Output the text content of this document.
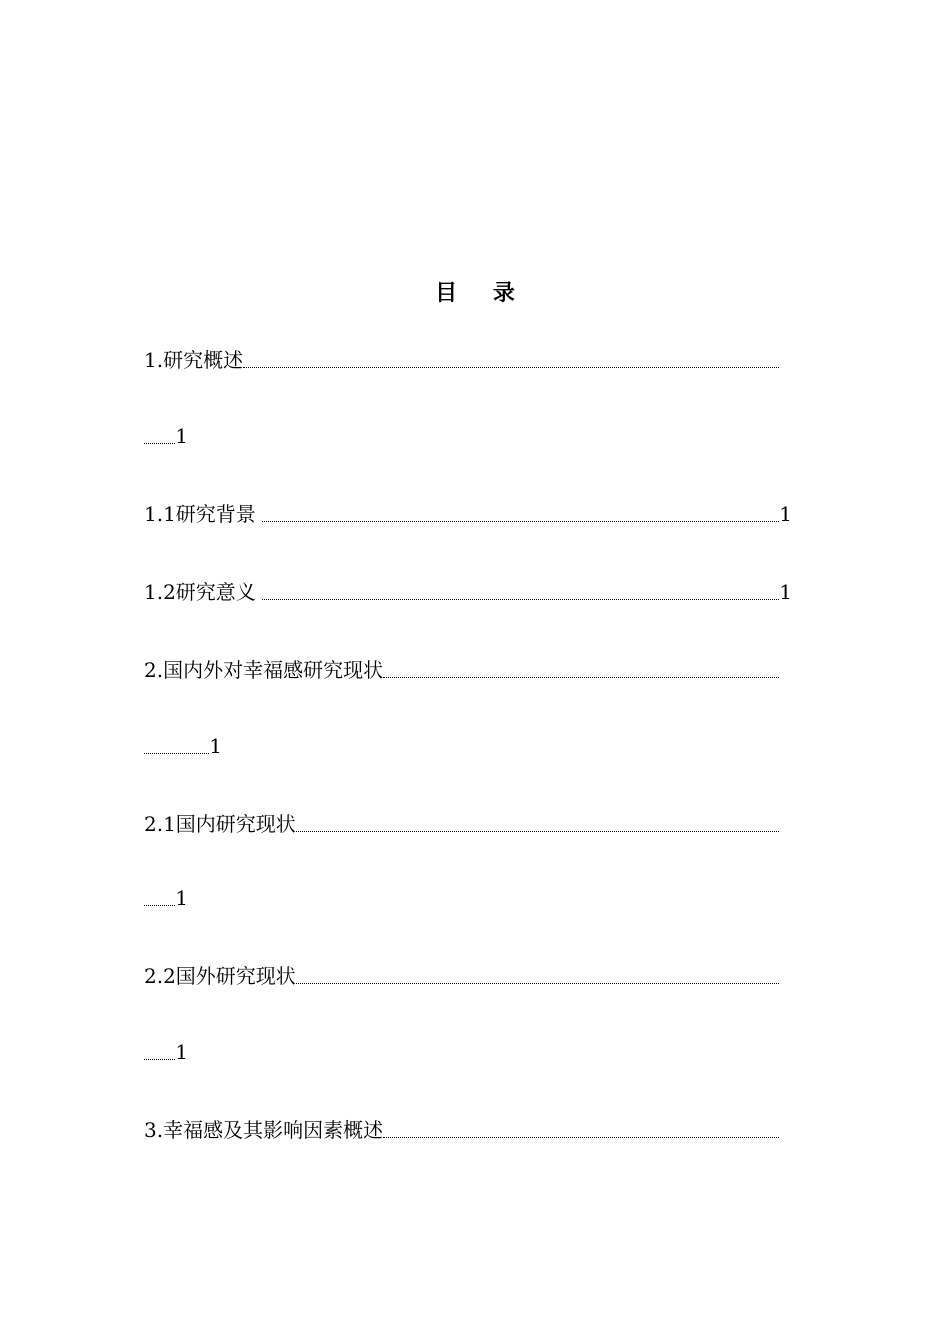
目 录
1.研究概述
1
1.1研究背景	1
1.2研究意义	1
2.国内外对幸福感研究现状
1
2.1国内研究现状
1
2.2国外研究现状
1
3.幸福感及其影响因素概述
